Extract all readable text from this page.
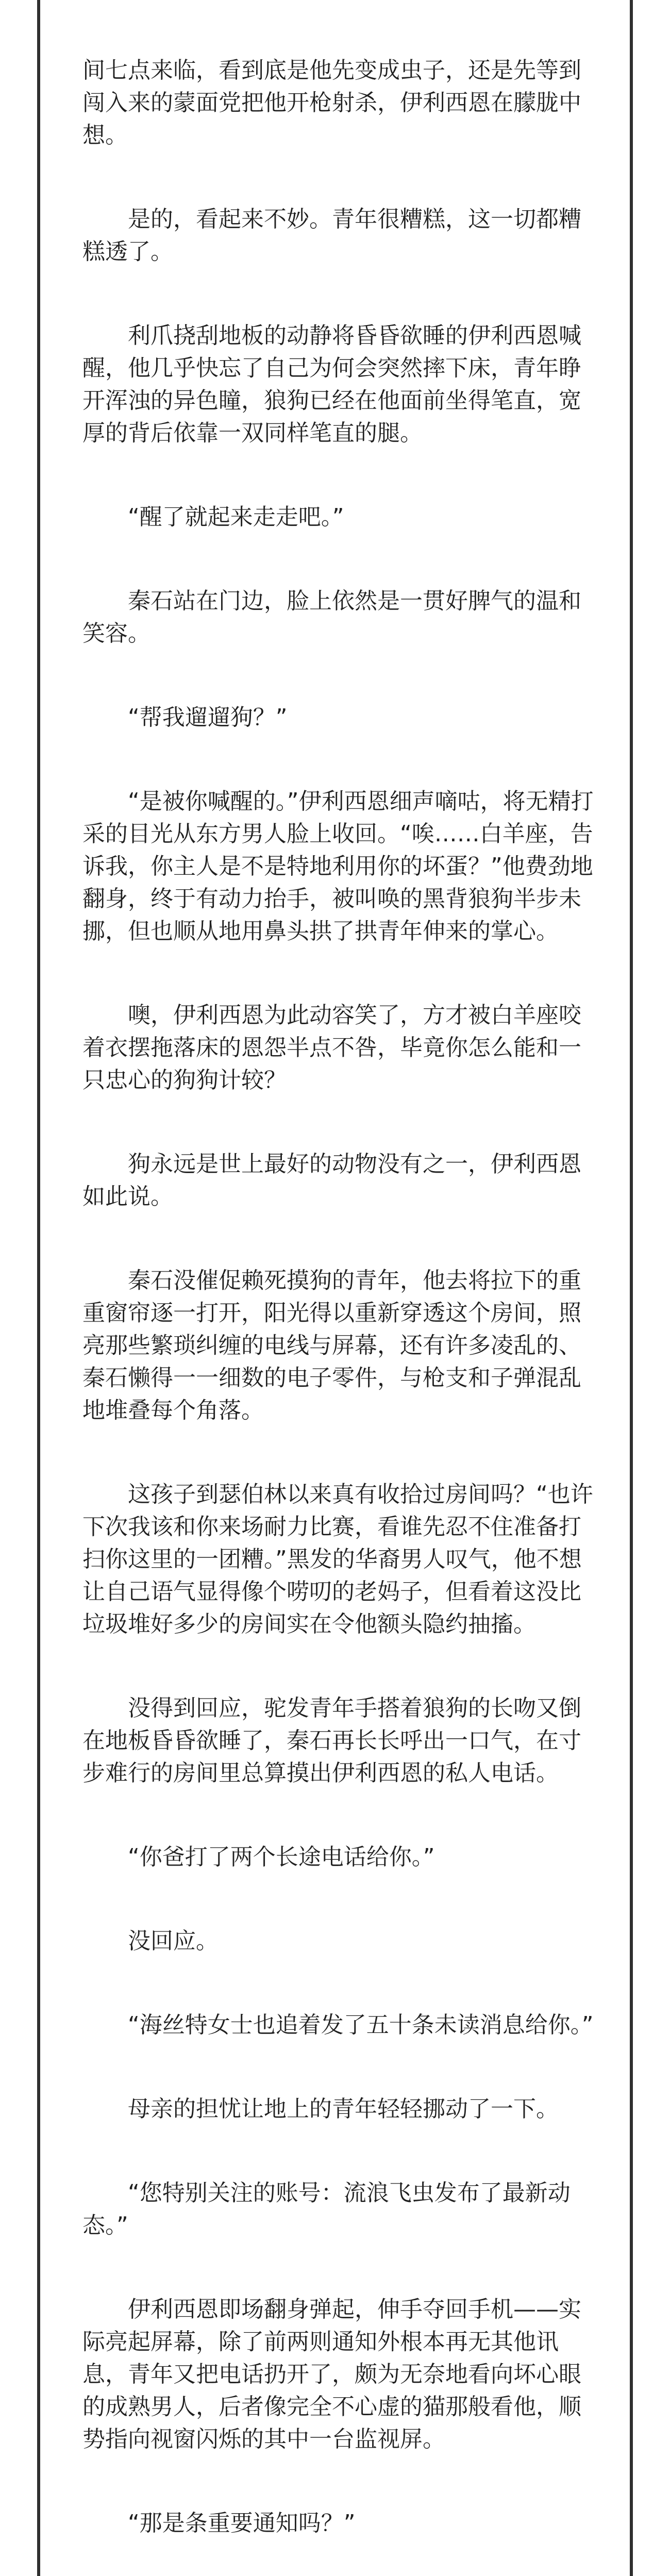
间七点来临，看到底是他先变成虫子，还是先等到闯入来的蒙面党把他开枪射杀，伊利西恩在朦胧中想。

是的，看起来不妙。青年很糟糕，这一切都糟糕透了。

利爪挠刮地板的动静将昏昏欲睡的伊利西恩喊醒，他几乎快忘了自己为何会突然摔下床，青年睁开浑浊的异色瞳，狼狗已经在他面前坐得笔直，宽厚的背后依靠一双同样笔直的腿。

“醒了就起来走走吧。”

秦石站在门边，脸上依然是一贯好脾气的温和笑容。

“帮我遛遛狗？”

“是被你喊醒的。”伊利西恩细声嘀咕，将无精打采的目光从东方男人脸上收回。“唉……白羊座，告诉我，你主人是不是特地利用你的坏蛋？”他费劲地翻身，终于有动力抬手，被叫唤的黑背狼狗半步未挪，但也顺从地用鼻头拱了拱青年伸来的掌心。

噢，伊利西恩为此动容笑了，方才被白羊座咬着衣摆拖落床的恩怨半点不咎，毕竟你怎么能和一只忠心的狗狗计较？

狗永远是世上最好的动物没有之一，伊利西恩如此说。

秦石没催促赖死摸狗的青年，他去将拉下的重重窗帘逐一打开，阳光得以重新穿透这个房间，照亮那些繁琐纠缠的电线与屏幕，还有许多凌乱的、秦石懒得一一细数的电子零件，与枪支和子弹混乱地堆叠每个角落。

这孩子到瑟伯林以来真有收拾过房间吗？“也许下次我该和你来场耐力比赛，看谁先忍不住准备打扫你这里的一团糟。”黑发的华裔男人叹气，他不想让自己语气显得像个唠叨的老妈子，但看着这没比垃圾堆好多少的房间实在令他额头隐约抽搐。

没得到回应，驼发青年手搭着狼狗的长吻又倒在地板昏昏欲睡了，秦石再长长呼出一口气，在寸步难行的房间里总算摸出伊利西恩的私人电话。

“你爸打了两个长途电话给你。”

没回应。

“海丝特女士也追着发了五十条未读消息给你。”

母亲的担忧让地上的青年轻轻挪动了一下。

“您特别关注的账号：流浪飞虫发布了最新动态。”

伊利西恩即场翻身弹起，伸手夺回手机——实际亮起屏幕，除了前两则通知外根本再无其他讯息，青年又把电话扔开了，颇为无奈地看向坏心眼的成熟男人，后者像完全不心虚的猫那般看他，顺势指向视窗闪烁的其中一台监视屏。

“那是条重要通知吗？”
